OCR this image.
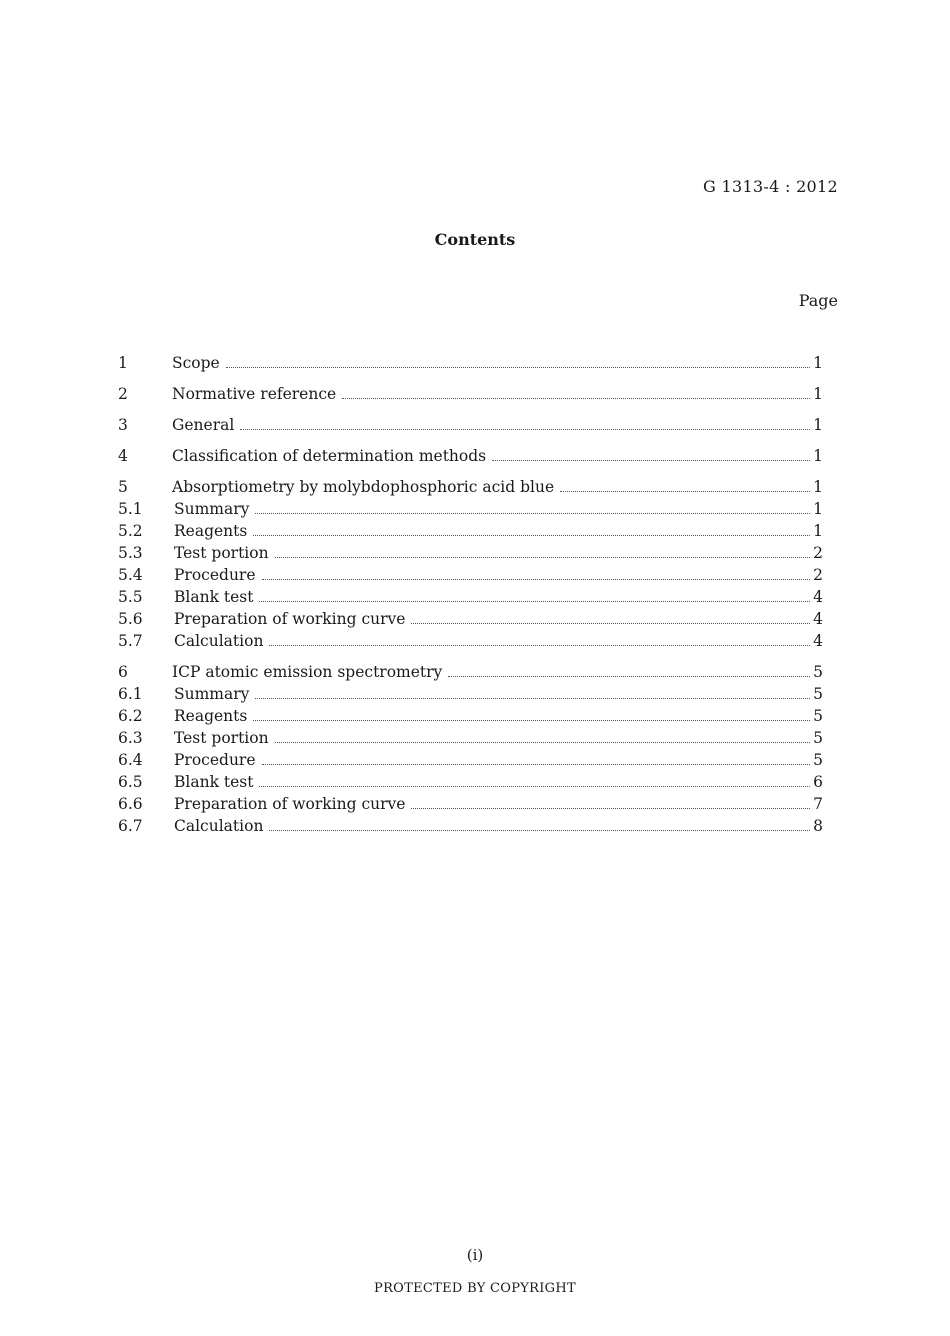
G 1313-4 : 2012
Contents
Page
1	Scope	1
2	Normative reference	1
3	General	1
4	Classification of determination methods	1
5	Absorptiometry by molybdophosphoric acid blue	1
5.1	Summary	1
5.2	Reagents	1
5.3	Test portion	2
5.4	Procedure	2
5.5	Blank test	4
5.6	Preparation of working curve	4
5.7	Calculation	4
6	ICP atomic emission spectrometry	5
6.1	Summary	5
6.2	Reagents	5
6.3	Test portion	5
6.4	Procedure	5
6.5	Blank test	6
6.6	Preparation of working curve	7
6.7	Calculation	8
(i)
PROTECTED BY COPYRIGHT
